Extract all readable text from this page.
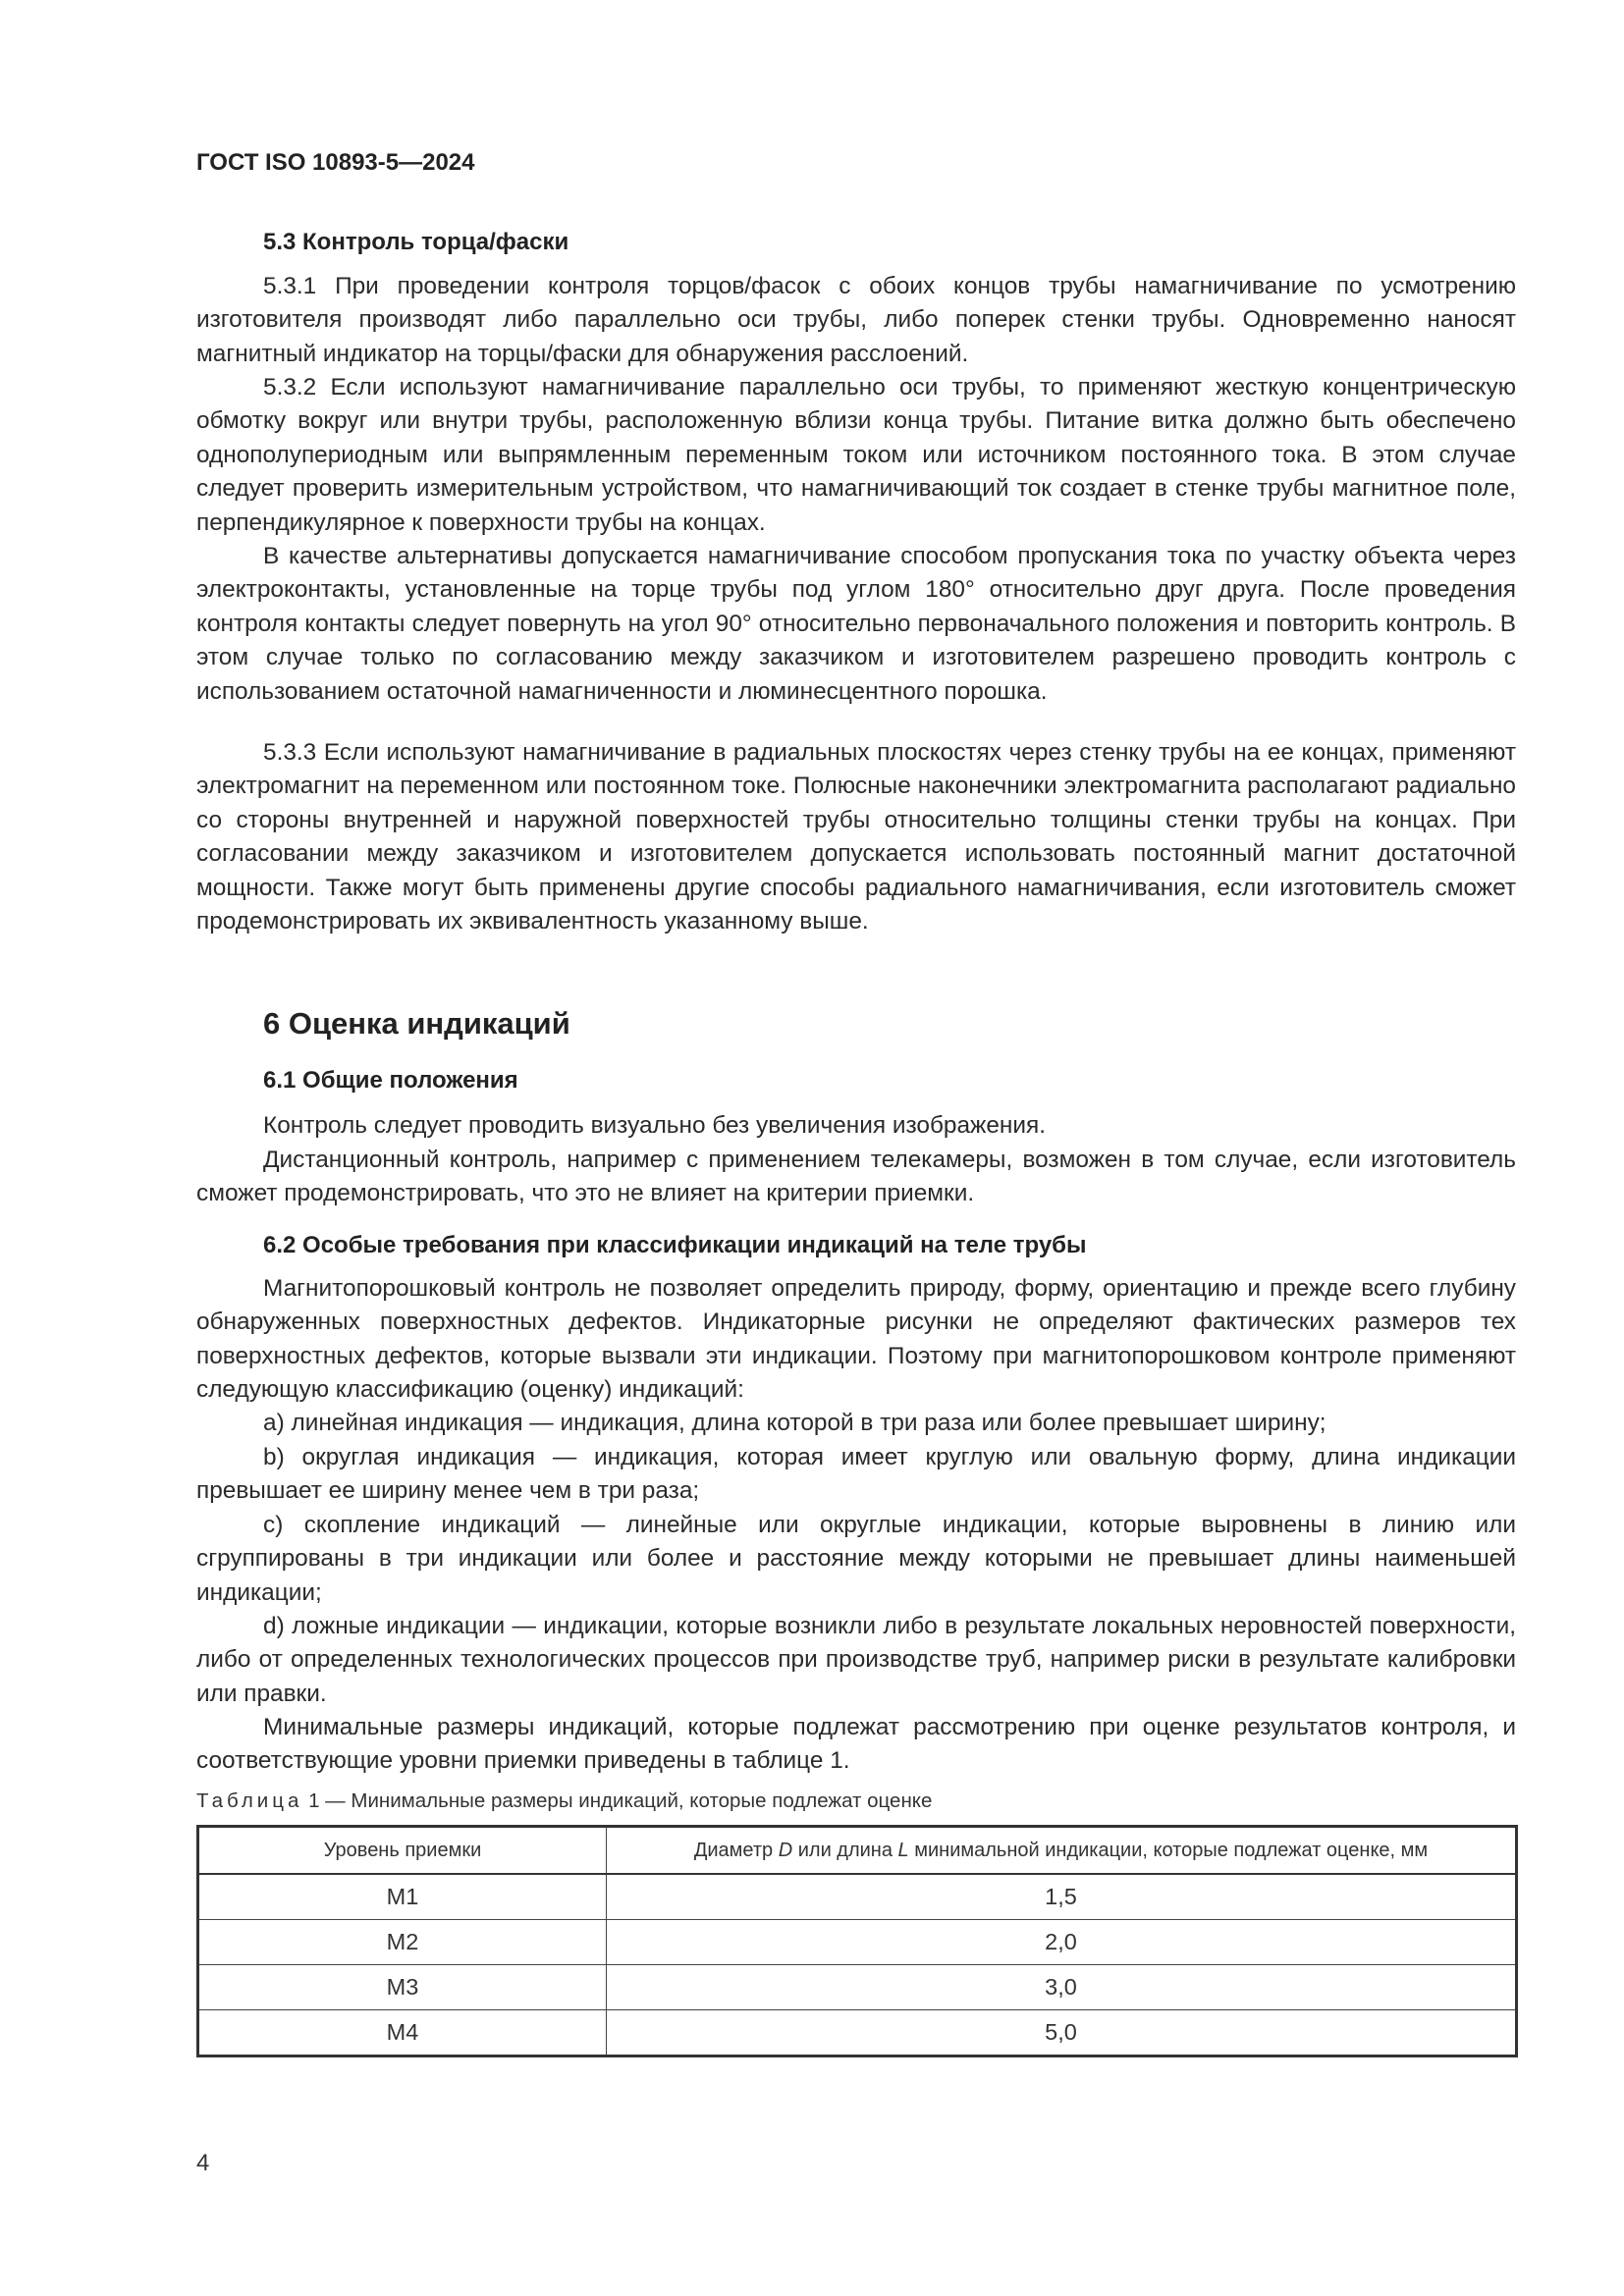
ГОСТ ISO 10893-5—2024
5.3 Контроль торца/фаски
5.3.1 При проведении контроля торцов/фасок с обоих концов трубы намагничивание по усмотрению изготовителя производят либо параллельно оси трубы, либо поперек стенки трубы. Одновременно наносят магнитный индикатор на торцы/фаски для обнаружения расслоений.
5.3.2 Если используют намагничивание параллельно оси трубы, то применяют жесткую концентрическую обмотку вокруг или внутри трубы, расположенную вблизи конца трубы. Питание витка должно быть обеспечено однополупериодным или выпрямленным переменным током или источником постоянного тока. В этом случае следует проверить измерительным устройством, что намагничивающий ток создает в стенке трубы магнитное поле, перпендикулярное к поверхности трубы на концах.
В качестве альтернативы допускается намагничивание способом пропускания тока по участку объекта через электроконтакты, установленные на торце трубы под углом 180° относительно друг друга. После проведения контроля контакты следует повернуть на угол 90° относительно первоначального положения и повторить контроль. В этом случае только по согласованию между заказчиком и изготовителем разрешено проводить контроль с использованием остаточной намагниченности и люминесцентного порошка.
5.3.3 Если используют намагничивание в радиальных плоскостях через стенку трубы на ее концах, применяют электромагнит на переменном или постоянном токе. Полюсные наконечники электромагнита располагают радиально со стороны внутренней и наружной поверхностей трубы относительно толщины стенки трубы на концах. При согласовании между заказчиком и изготовителем допускается использовать постоянный магнит достаточной мощности. Также могут быть применены другие способы радиального намагничивания, если изготовитель сможет продемонстрировать их эквивалентность указанному выше.
6 Оценка индикаций
6.1 Общие положения
Контроль следует проводить визуально без увеличения изображения.
Дистанционный контроль, например с применением телекамеры, возможен в том случае, если изготовитель сможет продемонстрировать, что это не влияет на критерии приемки.
6.2 Особые требования при классификации индикаций на теле трубы
Магнитопорошковый контроль не позволяет определить природу, форму, ориентацию и прежде всего глубину обнаруженных поверхностных дефектов. Индикаторные рисунки не определяют фактических размеров тех поверхностных дефектов, которые вызвали эти индикации. Поэтому при магнитопорошковом контроле применяют следующую классификацию (оценку) индикаций:
a) линейная индикация — индикация, длина которой в три раза или более превышает ширину;
b) округлая индикация — индикация, которая имеет круглую или овальную форму, длина индикации превышает ее ширину менее чем в три раза;
c) скопление индикаций — линейные или округлые индикации, которые выровнены в линию или сгруппированы в три индикации или более и расстояние между которыми не превышает длины наименьшей индикации;
d) ложные индикации — индикации, которые возникли либо в результате локальных неровностей поверхности, либо от определенных технологических процессов при производстве труб, например риски в результате калибровки или правки.
Минимальные размеры индикаций, которые подлежат рассмотрению при оценке результатов контроля, и соответствующие уровни приемки приведены в таблице 1.
Таблица 1 — Минимальные размеры индикаций, которые подлежат оценке
Уровень приемки	Диаметр D или длина L минимальной индикации, которые подлежат оценке, мм
M1	1,5
M2	2,0
M3	3,0
M4	5,0
4
